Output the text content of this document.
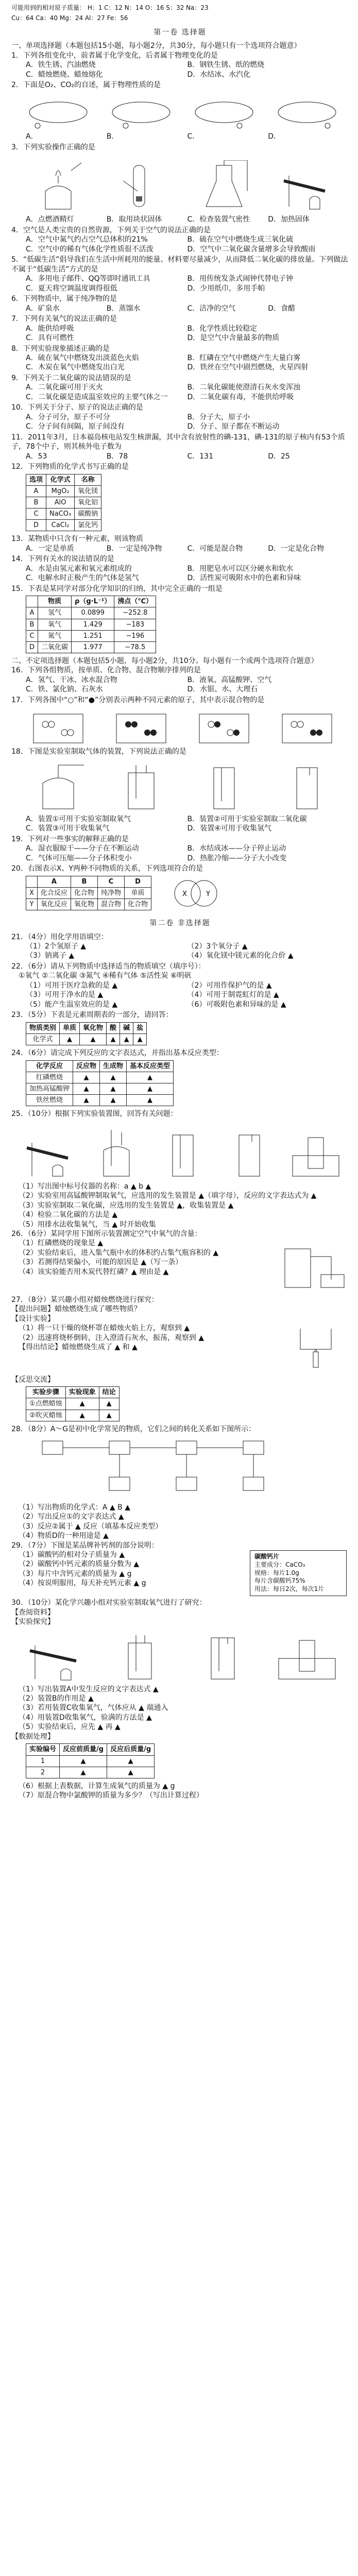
可能用到的相对原子质量： H：1 C：12 N：14 O：16 S：32 Na：23

Cu：64 Ca：40 Mg：24 Al：27 Fe：56

第一卷 选择题

一、单项选择题（本题包括15小题，每小题2分，共30分，每小题只有一个选项符合题意）

1．下列各组变化中，前者属于化学变化，后者属于物理变化的是

A．铁生锈、汽油燃烧	B．钢铁生锈、纸的燃烧
C．蜡烛燃烧、蜡烛熔化	D．水结冰、水汽化

2．下面是O₂、CO₂的自述，属于物理性质的是

A．	B．	C．	D．

3．下列实验操作正确的是

A．点燃酒精灯	B．取用块状固体	C．检查装置气密性	D．加热固体

4．空气是人类宝贵的自然资源，下列关于空气的说法正确的是

A．空气中氮气约占空气总体积的21%	B．硫在空气中燃烧生成三氧化硫
C．空气中的稀有气体化学性质很不活泼	D．空气中二氧化碳含量增多会导致酸雨

5．“低碳生活”倡导我们在生活中所耗用的能量、材料要尽量减少，从而降低二氧化碳的排放量。下列做法不属于“低碳生活”方式的是

A．多用电子邮件、QQ等即时通讯工具	B．用传统发条式闹钟代替电子钟
C．夏天将空调温度调得很低	D．少用纸巾，多用手帕

6．下列物质中，属于纯净物的是

A．矿泉水	B．蒸馏水	C．洁净的空气	D．食醋

7．下列有关氧气的说法正确的是

A．能供给呼吸	B．化学性质比较稳定
C．具有可燃性	D．是空气中含量最多的物质

8．下列实验现象描述正确的是

A．硫在氧气中燃烧发出淡蓝色火焰	B．红磷在空气中燃烧产生大量白雾
C．木炭在氧气中燃烧发出白光	D．铁丝在空气中剧烈燃烧，火星四射

9．下列关于二氧化碳的说法错误的是

A．二氧化碳可用于灭火	B．二氧化碳能使澄清石灰水变浑浊
C．二氧化碳是造成温室效应的主要气体之一	D．二氧化碳有毒，不能供给呼吸

10．下列关于分子、原子的说法正确的是

A．分子可分，原子不可分	B．分子大，原子小
C．分子间有间隔，原子间没有	D．分子、原子都在不断运动

11．2011年3月，日本福岛核电站发生核泄漏，其中含有放射性的碘-131，碘-131的原子核内有53个质子，78个中子，则其核外电子数为

A．53	B．78	C．131	D．25

12．下列物质的化学式书写正确的是

选项	化学式	名称
A	MgO₂	氧化镁
B	AlO	氧化铝
C	NaCO₃	碳酸钠
D	CaCl₂	氯化钙

13．某物质中只含有一种元素，则该物质

A．一定是单质	B．一定是纯净物	C．可能是混合物	D．一定是化合物

14．下列有关水的说法错误的是

A．水是由氢元素和氧元素组成的	B．用肥皂水可以区分硬水和软水
C．电解水时正极产生的气体是氢气	D．活性炭可吸附水中的色素和异味

15．下表是某同学对部分化学知识的归纳，其中完全正确的一组是

	物质	ρ（g·L⁻¹）	沸点（℃）
A	氢气	0.0899	−252.8
B	氧气	1.429	−183
C	氮气	1.251	−196
D	二氧化碳	1.977	−78.5

二、不定项选择题（本题包括5小题，每小题2分，共10分。每小题有一个或两个选项符合题意）

16．下列各组物质，按单质、化合物、混合物顺序排列的是

A．氢气、干冰、冰水混合物	B．液氧、高锰酸钾、空气
C．铁、氯化钠、石灰水	D．水银、水、大理石

17．下列各图中“○”和“●”分别表示两种不同元素的原子，其中表示混合物的是

18．下图是实验室制取气体的装置，下列说法正确的是

A．装置①可用于实验室制取氧气	B．装置②可用于实验室制取二氧化碳
C．装置③可用于收集氧气	D．装置④可用于收集氢气

19．下列对一些事实的解释正确的是

A．湿衣服晾干——分子在不断运动	B．水结成冰——分子停止运动
C．气体可压缩——分子体积变小	D．热胀冷缩——分子大小改变

20．右图表示X、Y两种不同物质的关系，下列选项符合的是

	A	B	C	D
X	化合反应	化合物	纯净物	单质
Y	氧化反应	氧化物	混合物	化合物
X	Y

第二卷 非选择题

21．（4分）用化学用语填空：

（1）2个氢原子 ▲	（2）3个氧分子 ▲
（3）钠离子 ▲	（4）氧化镁中镁元素的化合价 ▲

22．（6分）请从下列物质中选择适当的物质填空（填序号）：

①氧气 ②二氧化碳 ③氮气 ④稀有气体 ⑤活性炭 ⑥明矾

（1）可用于医疗急救的是 ▲	（2）可用作保护气的是 ▲
（3）可用于净水的是 ▲	（4）可用于制霓虹灯的是 ▲
（5）能产生温室效应的是 ▲	（6）可吸附色素和异味的是 ▲

23．（5分）下表是元素周期表的一部分，请回答：

物质类别	单质	氧化物	酸	碱	盐
化学式	▲	▲	▲	▲	▲

24．（6分）请完成下列反应的文字表达式，并指出基本反应类型：

化学反应	反应物	生成物	基本反应类型
红磷燃烧	▲	▲	▲
加热高锰酸钾	▲	▲	▲
铁丝燃烧	▲	▲	▲

25．（10分）根据下列实验装置图，回答有关问题：

（1）写出图中标号仪器的名称：a ▲ b ▲

（2）实验室用高锰酸钾制取氧气，应选用的发生装置是 ▲（填字母），反应的文字表达式为 ▲

（3）实验室制取二氧化碳，应选用的发生装置是 ▲，收集装置是 ▲

（4）检验二氧化碳的方法是 ▲

（5）用排水法收集氧气，当 ▲ 时开始收集

26．（6分）某同学用下图所示装置测定空气中氧气的含量：

（1）红磷燃烧的现象是 ▲

（2）实验结束后，进入集气瓶中水的体积约占集气瓶容积的 ▲

（3）若测得结果偏小，可能的原因是 ▲（写一条）

（4）该实验能否用木炭代替红磷？▲ 理由是 ▲

27．（8分）某兴趣小组对蜡烛燃烧进行探究：

【提出问题】蜡烛燃烧生成了哪些物质？

【设计实验】

（1）将一只干燥的烧杯罩在蜡烛火焰上方，观察到 ▲

（2）迅速将烧杯倒转，注入澄清石灰水，振荡，观察到 ▲

【得出结论】蜡烛燃烧生成了 ▲ 和 ▲

【反思交流】

实验步骤	实验现象	结论
①点燃蜡烛	▲	▲
②吹灭蜡烛	▲	▲

28．（8分）A～G是初中化学常见的物质，它们之间的转化关系如下图所示：

（1）写出物质的化学式：A ▲ B ▲

（2）写出反应①的文字表达式 ▲

（3）反应②属于 ▲ 反应（填基本反应类型）

（4）物质D的一种用途是 ▲

29．（7分）下图是某品牌补钙剂的部分说明：

碳酸钙片

主要成分：CaCO₃

规格：每片1.0g

每片含碳酸钙75%

用法：每日2次，每次1片

（1）碳酸钙的相对分子质量为 ▲

（2）碳酸钙中钙元素的质量分数为 ▲

（3）每片中含钙元素的质量为 ▲ g

（4）按说明服用，每天补充钙元素 ▲ g

30．（10分）某化学兴趣小组对实验室制取氧气进行了研究：

【查阅资料】

【实验探究】

（1）写出装置A中发生反应的文字表达式 ▲

（2）装置B的作用是 ▲

（3）若用装置C收集氧气，气体应从 ▲ 端通入

（4）用装置D收集氧气，验满的方法是 ▲

（5）实验结束后，应先 ▲ 再 ▲

【数据处理】

实验编号	反应前质量/g	反应后质量/g
1	▲	▲
2	▲	▲

（6）根据上表数据，计算生成氧气的质量为 ▲ g

（7）原混合物中氯酸钾的质量为多少？（写出计算过程）
